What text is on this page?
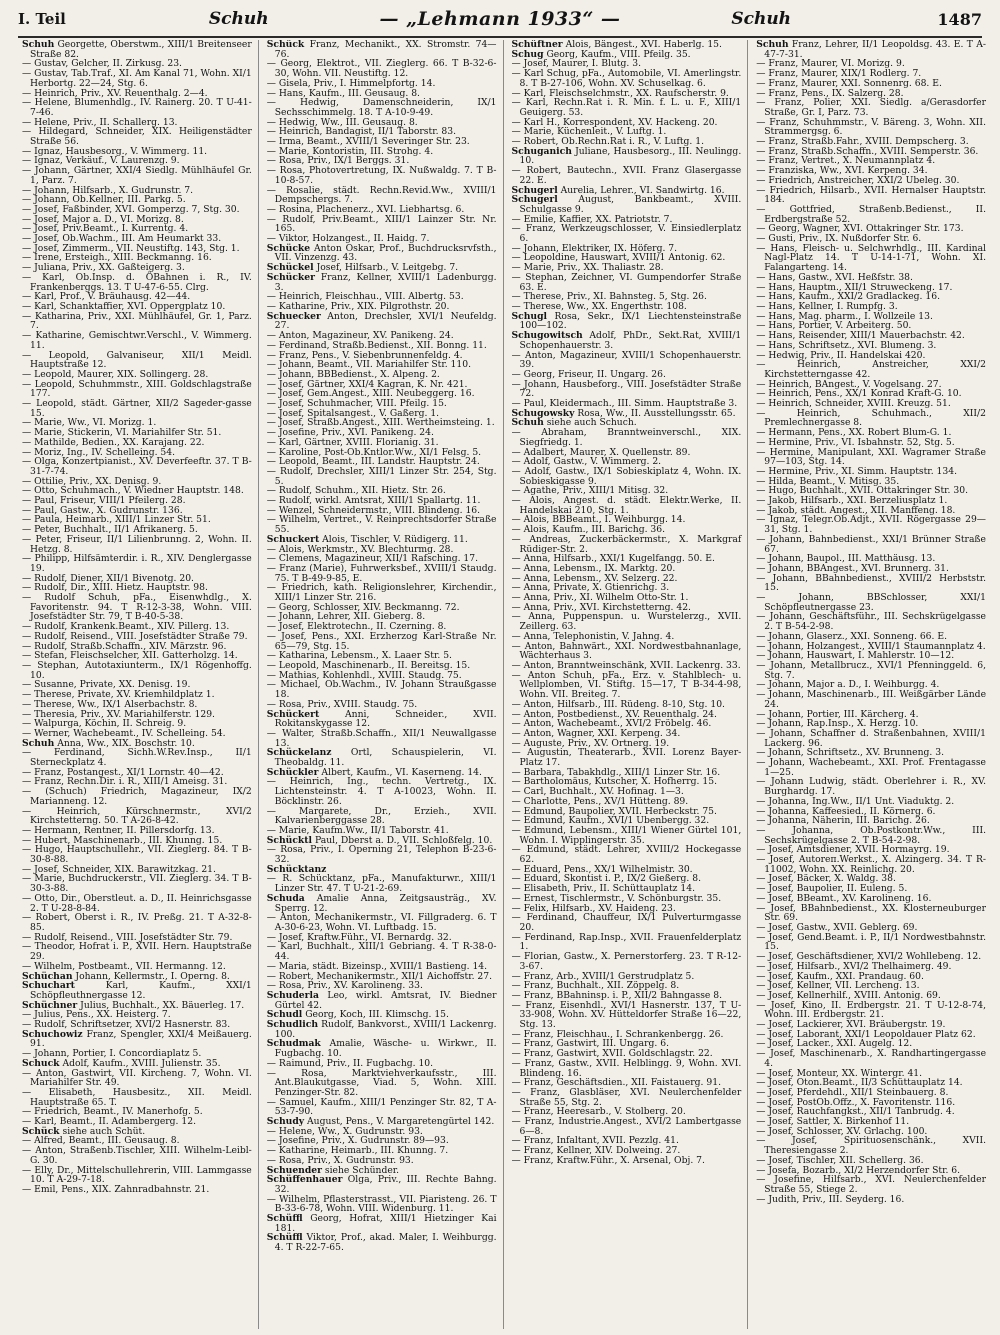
I. Teil	Schuh	— „Lehmann 1933“ —	Schuh	1487

Schuh Georgette, Oberstwm., XIII/1 Breitenseer Straße 82.

— Gustav, Gelcher, II. Zirkusg. 23.

— Gustav, Tab.Traf., XI. Am Kanal 71, Wohn. XI/1 Herbortg. 22—24, Stg. 6.

— Heinrich, Priv., XV. Reuenthalg. 2—4.

— Helene, Blumenhdlg., IV. Rainerg. 20. T U-41-7-46.

— Helene, Priv., II. Schallerg. 13.

— Hildegard, Schneider, XIX. Heiligenstädter Straße 56.

— Ignaz, Hausbesorg., V. Wimmerg. 11.

— Ignaz, Verkäuf., V. Laurenzg. 9.

— Johann, Gärtner, XXI/4 Siedlg. Mühlhäufel Gr. 1, Parz. 7.

— Johann, Hilfsarb., X. Gudrunstr. 7.

— Johann, Ob.Kellner, III. Parkg. 5.

— Josef, Faßbinder, XVI. Gomperzg. 7, Stg. 30.

— Josef, Major a. D., VI. Morizg. 8.

— Josef, Priv.Beamt., I. Kurrentg. 4.

— Josef, Ob.Wachm., III. Am Heumarkt 33.

— Josef, Zimmerm., VII. Neustiftg. 143, Stg. 1.

— Irene, Ersteigh., XIII. Beckmanng. 16.

— Juliana, Priv., XX. Gaßteigerg. 3.

— Karl, Ob.Insp. d. ÖBahnen i. R., IV. Frankenberggs. 13. T U-47-6-55. Clrg.

— Karl, Prof., V. Bräuhausg. 42—44.

— Karl, Schanktaffier, XVI. Oppergplatz 10.

— Katharina, Priv., XXI. Mühlhäufel, Gr. 1, Parz. 7.

— Katharine, Gemischtwr.Verschl., V. Wimmerg. 11.

— Leopold, Galvaniseur, XII/1 Meidl. Hauptstraße 12.

— Leopold, Maurer, XIX. Sollingerg. 28.

— Leopold, Schuhmmstr., XIII. Goldschlagstraße 177.

— Leopold, städt. Gärtner, XII/2 Sageder-gasse 15.

— Marie, Ww., VI. Morizg. 1.

— Marie, Stickerin, VI. Mariahilfer Str. 51.

— Mathilde, Bedien., XX. Karajang. 22.

— Moriz, Ing., IV. Schelleing. 54.

— Olga, Konzertpianist., XV. Deverfeeftr. 37. T B-31-7-74.

— Ottilie, Priv., XX. Denisg. 9.

— Otto, Schuhmach., V. Wiedner Hauptstr. 148.

— Paul, Friseur, VIII/1 Pfeilerg. 28.

— Paul, Gastw., X. Gudrunstr. 136.

— Paula, Heimarb., XIII/1 Linzer Str. 51.

— Peter, Buchhalt., II/1 Afrikanerg. 5.

— Peter, Friseur, II/1 Lilienbrunng. 2, Wohn. II. Hetzg. 8.

— Philipp, Hilfsämterdir. i. R., XIV. Denglergasse 19.

— Rudolf, Diener, XII/1 Bivenotg. 20.

— Rudolf, Dir., XIII. Hietz. Hauptstr. 98.

— Rudolf Schuh, pFa., Eisenwhdlg., X. Favoritenstr. 94. T R-12-3-38, Wohn. VIII. Josefstädter Str. 79, T B-40-5-38.

— Rudolf, Krankenk.Beamt., XIV. Pillerg. 13.

— Rudolf, Reisend., VIII. Josefstädter Straße 79.

— Rudolf, Straßb.Schaffn., XIV. Märzstr. 96.

— Stefan, Fleischselcher, XII. Gatterholzg. 14.

— Stephan, Autotaxiunterm., IX/1 Rögenhoffg. 10.

— Susanne, Private, XX. Denisg. 19.

— Therese, Private, XV. Kriemhildplatz 1.

— Therese, Ww., IX/1 Alserbachstr. 8.

— Theresia, Priv., XV. Mariahilferstr. 129.

— Walpurga, Köchin, II. Schreig. 9.

— Werner, Wachebeamt., IV. Schelleing. 54.

Schuh Anna, Ww., XIX. Boschstr. 10.

— Ferdinand, Sichh.W.Rev.Insp., II/1 Sterneckplatz 4.

— Franz, Postangest., XI/1 Lornstr. 40—42.

— Franz, Rechn.Dir. i. R., XIII/1 Ameisg. 31.

— (Schuch) Friedrich, Magazineur, IX/2 Marianneng. 12.

— Heinrich, Kürschnermstr., XVI/2 Kirchstetterng. 50. T A-26-8-42.

— Hermann, Rentner, II. Pillersdorfg. 13.

— Hubert, Maschinenarb., III. Khunng. 15.

— Hugo, Hauptschullehr., VII. Zieglerg. 84. T B-30-8-88.

— Josef, Schneider, XIX. Barawitzkag. 21.

— Marie, Buchdruckerstr., VII. Zieglerg. 34. T B-30-3-88.

— Otto, Dir., Oberstleut. a. D., II. Heinrichsgasse 2. T U-28-8-84.

— Robert, Oberst i. R., IV. Preßg. 21. T A-32-8-85.

— Rudolf, Reisend., VIII. Josefstädter Str. 79.

— Theodor, Hofrat i. P., XVII. Hern. Hauptstraße 29.

— Wilhelm, Postbeamt., VII. Hermanng. 12.

Schüchan Johann, Kellermstr., I. Operng. 8.

Schuchart	Karl, Kaufm., XXI/1 Schöpfleuthnergasse 12.

Schüchner Julius, Buchhalt., XX. Bäuerleg. 17.

— Julius, Pens., XX. Heisterg. 7.

— Rudolf, Schriftsetzer, XVI/2 Hasnerstr. 83.

Schuchowiz Franz, Spengler, XXI/4 Meißauerg. 91.

— Johann, Portier, I. Concordiaplatz 5.

Schuck Adolf, Kaufm., XVIII. Julienstr. 35.

— Anton, Gastwirt, VII. Kircheng. 7, Wohn. VI. Mariahilfer Str. 49.

— Elisabeth, Hausbesitz., XII. Meidl. Hauptstraße 65. T.

— Friedrich, Beamt., IV. Manerhofg. 5.

— Karl, Beamt., II. Adambergerg. 12.

Schück siehe auch Schüt.

— Alfred, Beamt., III. Geusaug. 8.

— Anton, Straßenb.Tischler, XIII. Wilhelm-Leibl-G. 30.

— Elly, Dr., Mittelschullehrerin, VIII. Lammgasse 10. T A-29-7-18.

— Emil, Pens., XIX. Zahnradbahnstr. 21.

Schück Franz, Mechanikt., XX. Stromstr. 74—76.

— Georg, Elektrot., VII. Zieglerg. 66. T B-32-6-30, Wohn. VII. Neustiftg. 12.

— Gisela, Priv., I. Himmelpfortg. 14.

— Hans, Kaufm., III. Geusaug. 8.

— Hedwig, Damenschneiderin, IX/1 Sechsschimmelg. 18. T A-10-9-49.

— Hedwig, Ww., III. Geusaug. 8.

— Heinrich, Bandagist, II/1 Taborstr. 83.

— Irma, Beamt., XVIII/1 Severinger Str. 23.

— Marie, Kontoristin, III. Strohg. 4.

— Rosa, Priv., IX/1 Berggs. 31.

— Rosa, Photovertretung, IX. Nußwaldg. 7. T B-10-8-57.

— Rosalie, städt. Rechn.Revid.Ww., XVIII/1 Dempschergs. 7.

— Rosina, Plachenerz., XVI. Liebhartsg. 6.

— Rudolf, Priv.Beamt., XIII/1 Lainzer Str. Nr. 165.

— Viktor, Holzangest., II. Haidg. 7.

Schücke Anton Oskar, Prof., Buchdrucksrvfsth., VII. Vinzenzg. 43.

Schückel Josef, Hilfsarb., V. Leitgebg. 7.

Schücker Franz, Kellner, XVIII/1 Ladenburgg. 3.

— Heinrich, Fleischhau., VIII. Albertg. 53.

— Katharine, Priv., XIX. Pilgrothstr. 20.

Schuecker Anton, Drechsler, XVI/1 Neufeldg. 27.

— Anton, Magazineur, XV. Panikeng. 24.

— Ferdinand, Straßb.Bedienst., XII. Bonng. 11.

— Franz, Pens., V. Siebenbrunnenfeldg. 4.

— Johann, Beamt., VII. Mariahilfer Str. 110.

— Johann, BBBedienst., X. Alpeng. 2.

— Josef, Gärtner, XXI/4 Kagran, K. Nr. 421.

— Josef, Gem.Angest., XIII. Neubeggerg. 16.

— Josef, Schuhmacher, VIII. Pfeilg. 15.

— Josef, Spitalsangest., V. Gaßerg. 1.

— Josef, Straßb.Angest., XIII. Wertheimsteing. 1.

— Josefine, Priv., XVI. Panikeng. 24.

— Karl, Gärtner, XVIII. Florianig. 31.

— Karoline, Post-Ob.Kntlor.Ww., XI/1 Felsg. 5.

— Leopold, Beamt., III. Landstr. Hauptstr. 24.

— Rudolf, Drechsler, XIII/1 Linzer Str. 254, Stg. 5.

— Rudolf, Schuhm., XII. Hietz. Str. 26.

— Rudolf, wirkl. Amtsrat, XIII/1 Spallartg. 11.

— Wenzel, Schneidermstr., VIII. Blindeng. 16.

— Wilhelm, Vertret., V. Reinprechtsdorfer Straße 55.

Schuckert Alois, Tischler, V. Rüdigerg. 11.

— Alois, Werkmstr., XV. Blechturmg. 28.

— Clemens, Magazineur, XII/1 Rafsching. 17.

— Franz (Marie), Fuhrwerksbef., XVIII/1 Staudg. 75. T B-49-9-85, E.

— Friedrich, kath. Religionslehrer, Kirchendir., XIII/1 Linzer Str. 216.

— Georg, Schlosser, XIV. Beckmanng. 72.

— Johann, Lehrer, XII. Gieberg. 8.

— Josef, Elektrotechn., II. Czerning. 8.

— Josef, Pens., XXI. Erzherzog Karl-Straße Nr. 65—79, Stg. 15.

— Katharina, Lebensm., X. Laaer Str. 5.

— Leopold, Maschinenarb., II. Bereitsg. 15.

— Mathias, Kohlenhdl., XVIII. Staudg. 75.

— Michael, Ob.Wachm., IV. Johann Straußgasse 18.

— Rosa, Priv., XVIII. Staudg. 75.

Schückert	Anni, Schneider., XVII. Rokitanskygasse 12.

— Walter, Straßb.Schaffn., XII/1 Neuwallgasse 13.

Schückelanz Ortl, Schauspielerin, VI. Theobaldg. 11.

Schückler Albert, Kaufm., VI. Kaserneng. 14.

— Heinrich, Ing., techn. Vertretg., IX. Lichtensteinstr. 4. T A-10023, Wohn. II. Böcklinstr. 26.

— Margarete, Dr., Erzieh., XVII. Kalvarienberggasse 28.

— Marie, Kaufm.Ww., II/1 Taborstr. 41.

Schücktl Paul, Dberst a. D., VII. Schloßfelg. 10.

— Rosa, Priv., I. Operning 21, Telephon B-23-6-32.

Schücktanz

— R. Schücktanz, pFa., Manufakturwr., XIII/1 Linzer Str. 47. T U-21-2-69.

Schuda Amalie Anna, Zeitgsausträg., XV. Sperrg. 12.

— Anton, Mechanikermstr., VI. Fillgraderg. 6. T A-30-6-23, Wohn. VI. Luftbadg. 15.

— Josef, Kraftw.Führ., VI. Bernardg. 32.

— Karl, Buchhalt., XIII/1 Gebriang. 4. T R-38-0-44.

— Maria, städt. Bizeinsp., XVIII/1 Bastieng. 14.

— Robert, Mechanikermstr., XII/1 Aichoffstr. 27.

— Rosa, Priv., XV. Karolineng. 33.

Schuderla Leo, wirkl. Amtsrat, IV. Biedner Gürtel 42.

Schudl Georg, Koch, III. Klimschg. 15.

Schudlich Rudolf, Bankvorst., XVIII/1 Lackenrg. 100.

Schudmak Amalie, Wäsche- u. Wirkwr., II. Fugbachg. 10.

— Raimund, Priv., II. Fugbachg. 10.

— Rosa, Marktviehverkaufsstr., III. Ant.Blaukutgasse, Viad. 5, Wohn. XIII. Penzinger-Str. 82.

— Samuel, Kaufm., XIII/1 Penzinger Str. 82, T A-53-7-90.

Schudy August, Pens., V. Margaretengürtel 142.

— Helene, Ww., X. Gudrunstr. 93.

— Josefine, Priv., X. Gudrunstr. 89—93.

— Katharine, Heimarb., III. Khunng. 7.

— Rosa, Priv., X. Gudrunstr. 93.

Schuender siehe Schünder.

Schüffenhauer Olga, Priv., III. Rechte Bahng. 32.

— Wilhelm, Pflasterstrasst., VII. Piaristeng. 26. T B-33-6-78, Wohn. VIII. Widenburg. 11.

Schüffl Georg, Hofrat, XIII/1 Hietzinger Kai 181.

Schüffl Viktor, Prof., akad. Maler, I. Weihburgg. 4. T R-22-7-65.

Schüftner Alois, Bängest., XVI. Haberlg. 15.

Schug Georg, Kaufm., VIII. Pfeilg. 35.

— Josef, Maurer, I. Blutg. 3.

— Karl Schug, pFa., Automobile, VI. Amerlingstr. 8. T B-27-106, Wohn. XV. Schuselkag. 6.

— Karl, Fleischselchmstr., XX. Raufscherstr. 9.

— Karl, Rechn.Rat i. R. Min. f. L. u. F., XIII/1 Geuigerg. 53.

— Karl H., Korrespondent, XV. Hackeng. 20.

— Marie, Küchenleit., V. Luftg. 1.

— Robert, Ob.Rechn.Rat i. R., V. Luftg. 1.

Schuganich Juliane, Hausbesorg., III. Neulingg. 10.

— Robert, Bautechn., XVII. Franz Glasergasse 22. E.

Schugerl Aurelia, Lehrer., VI. Sandwirtg. 16.

Schugerl August, Bankbeamt., XVIII. Schulgasse 9.

— Emilie, Kaffier, XX. Patriotstr. 7.

— Franz, Werkzeugschlosser, V. Einsiedlerplatz 6.

— Johann, Elektriker, IX. Höferg. 7.

— Leopoldine, Hauswart, XVIII/1 Antonig. 62.

— Marie, Priv., XX. Thaliastr. 28.

— Stephan, Zeichner, VI. Gumpendorfer Straße 63. E.

— Therese, Priv., XI. Bahnsteg. 5, Stg. 26.

— Therese, Ww., XX. Engerthstr. 108.

Schugl Rosa, Sekr., IX/1 Liechtensteinstraße 100—102.

Schugowitsch Adolf, PhDr., Sekt.Rat, XVIII/1 Schopenhauerstr. 3.

— Anton, Magazineur, XVIII/1 Schopenhauerstr. 39.

— Georg, Friseur, II. Ungarg. 26.

— Johann, Hausbeforg., VIII. Josefstädter Straße 72.

— Paul, Kleidermach., III. Simm. Hauptstraße 3.

Schugowsky Rosa, Ww., II. Ausstellungsstr. 65.

Schuh siehe auch Schuch.

— Abraham, Branntweinverschl., XIX. Siegfriedg. 1.

— Adalbert, Maurer, X. Quellenstr. 89.

— Adolf, Gastw., V. Wimmerg. 2.

— Adolf, Gastw., IX/1 Sobieskiplatz 4, Wohn. IX. Sobieskigasse 9.

— Agathe, Priv., XIII/1 Mitisg. 32.

— Alois, Angest. d. städt. Elektr.Werke, II. Handelskai 210, Stg. 1.

— Alois, BBBeamt., I. Weihburgg. 14.

— Alois, Kaufm., III. Barichg. 36.

— Andreas, Zuckerbäckermstr., X. Markgraf Rüdiger-Str. 2.

— Anna, Hilfsarb., XXI/1 Kugelfangg. 50. E.

— Anna, Lebensm., IX. Marktg. 20.

— Anna, Lebensm., XV. Selzerg. 22.

— Anna, Private, X. Gtienrichg. 3.

— Anna, Priv., XI. Wilhelm Otto-Str. 1.

— Anna, Priv., XVI. Kirchstetterng. 42.

— Anna, Puppenspun. u. Wurstelerzg., XVII. Zeillerg. 63.

— Anna, Telephonistin, V. Jahng. 4.

— Anton, Bahnwärt., XXI. Nordwestbahnanlage, Wächterhaus 3.

— Anton, Branntweinschänk, XVII. Lackenrg. 33.

— Anton Schuh, pFa., Erz. v. Stahlblech- u. Wellplomben, VI. Stiftg. 15—17, T B-34-4-98, Wohn. VII. Breiteg. 7.

— Anton, Hilfsarb., III. Rüdeng. 8-10, Stg. 10.

— Anton, Postbedienst., XV. Reuenthalg. 24.

— Anton, Wachebeamt., XVI/2 Fröbelg. 46.

— Anton, Wagner, XXI. Kerpeng. 34.

— Auguste, Priv., XV. Ortnerg. 19.

— Augustin, Theaterarb., XVII. Lorenz Bayer-Platz 17.

— Barbara, Tabakhdlg., XIII/1 Linzer Str. 16.

— Bartholomäus, Kutscher, X. Hofherrg. 15.

— Carl, Buchhalt., XV. Hofinag. 1—3.

— Charlotte, Pens., XV/1 Hütteng. 89.

— Edmund, Baupolier, XVII. Herbeckstr. 75.

— Edmund, Kaufm., XVI/1 Ubenbergg. 32.

— Edmund, Lebensm., XIII/1 Wiener Gürtel 101, Wohn. I. Wipplingerstr. 35.

— Edmund, städt. Lehrer, XVIII/2 Hockegasse 62.

— Eduard, Pens., XX/1 Wilhelmistr. 30.

— Eduard, Skontist i. P., IX/2 Gießerg. 8.

— Elisabeth, Priv., II. Schüttauplatz 14.

— Ernest, Tischlermstr., V. Schönburgstr. 35.

— Felix, Hilfsarb., XV. Haideng. 23.

— Ferdinand, Chauffeur, IX/1 Pulverturmgasse 20.

— Ferdinand, Rap.Insp., XVII. Frauenfelderplatz 1.

— Florian, Gastw., X. Pernerstorferg. 23. T R-12-3-67.

— Franz, Arb., XVIII/1 Gerstrudplatz 5.

— Franz, Buchhalt., XII. Zöppelg. 8.

— Franz, BBahninsp. i. P., XII/2 Bahngasse 8.

— Franz, Eisenhdl., XVI/1 Hasnerstr. 137, T U-33-908, Wohn. XV. Hütteldorfer Straße 16—22, Stg. 13.

— Franz, Fleischhau., I. Schrankenbergg. 26.

— Franz, Gastwirt, III. Ungarg. 6.

— Franz, Gastwirt, XVII. Goldschlagstr. 22.

— Franz, Gastw., XVII. Helblingg. 9, Wohn. XVI. Blindeng. 16.

— Franz, Geschäftsdien., XII. Faistauerg. 91.

— Franz, Glasbläser, XVI. Neulerchenfelder Straße 55, Stg. 2.

— Franz, Heeresarb., V. Stolberg. 20.

— Franz, Industrie.Angest., XVI/2 Lambertgasse 6—8.

— Franz, Infaltant, XVII. Pezzlg. 41.

— Franz, Kellner, XIV. Dolweing. 27.

— Franz, Kraftw.Führ., X. Arsenal, Obj. 7.

Schuh Franz, Lehrer, II/1 Leopoldsg. 43. E. T A-47-7-31.

— Franz, Maurer, VI. Morizg. 9.

— Franz, Maurer, XIX/1 Rodlerg. 7.

— Franz, Maurer, XXI. Sonnenrg. 68. E.

— Franz, Pens., IX. Salzerg. 28.

— Franz, Polier, XXI. Siedlg. a/Gerasdorfer Straße, Gr. I, Parz. 73.

— Franz, Schuhmmstr., V. Bäreng. 3, Wohn. XII. Strammergsg. 6.

— Franz, Straßb.Fahr., XVIII. Dempscherg. 3.

— Franz, Straßb.Schaffn., XVIII. Semperstr. 36.

— Franz, Vertret., X. Neumannplatz 4.

— Franziska, Ww., XVI. Kerpeng. 34.

— Friedrich, Anstreicher, XXI/2 Ubeleg. 30.

— Friedrich, Hilsarb., XVII. Hernalser Hauptstr. 184.

— Gottfried, Straßenb.Bedienst., II. Erdbergstraße 52.

— Georg, Wagner, XVI. Ottakringer Str. 173.

— Gusti, Priv., IX. Nußdorfer Str. 6.

— Hans, Fleisch- u. Selchwrhdlg., III. Kardinal Nagl-Platz 14. T U-14-1-71, Wohn. XI. Falangarteng. 14.

— Hans, Gastw., XVI. Heßfstr. 38.

— Hans, Hauptm., XII/1 Struweckeng. 17.

— Hans, Kaufm., XXI/2 Gradlackeg. 16.

— Hans, Kellner, I. Rumpfg. 3.

— Hans, Mag. pharm., I. Wollzeile 13.

— Hans, Portier, V. Arbeiterg. 50.

— Hans, Reisender, XIII/1 Mauerbachstr. 42.

— Hans, Schriftsetz., XVI. Blumeng. 3.

— Hedwig, Priv., II. Handelskai 420.

— Heinrich, Anstreicher, XXI/2 Kirchstetterngasse 42.

— Heinrich, BAngest., V. Vogelsang. 27.

— Heinrich, Pens., XX/1 Konrad Kraft-G. 10.

— Heinrich, Schneider, XVIII. Kreuzg. 51.

— Heinrich, Schuhmach., XII/2 Premlechnergasse 8.

— Hermann, Pens., XX. Robert Blum-G. 1.

— Hermine, Priv., VI. Isbahnstr. 52, Stg. 5.

— Hermine, Manipulant, XXI. Wagramer Straße 97—103, Stg. 14.

— Hermine, Priv., XI. Simm. Hauptstr. 134.

— Hilda, Beamt., V. Mitisg. 35.

— Hugo, Buchhalt., XVII. Ottakringer Str. 30.

— Jakob, Hilfsarb., XXI. Berzeliusplatz 1.

— Jakob, städt. Angest., XII. Manffeng. 18.

— Ignaz, Telegr.Ob.Adjt., XVII. Rögergasse 29—31, Stg. 1.

— Johann, Bahnbedienst., XXI/1 Brünner Straße 67.

— Johann, Baupol., III. Matthäusg. 13.

— Johann, BBAngest., XVI. Brunnerg. 31.

— Johann, BBahnbedienst., XVIII/2 Herbststr. 15.

— Johann, BBSchlosser, XXI/1 Schöpfleutnergasse 23.

— Johann, Geschäftsführ., III. Sechskrügelgasse 2. T B-54-2-98.

— Johann, Glaserz., XXI. Sonneng. 66. E.

— Johann, Holzangest., XVIII/1 Staumannplatz 4.

— Johann, Hauswart, I. Mahlerstr. 10—12.

— Johann, Metallbrucz., XVI/1 Pfenninggeld. 6, Stg. 7.

— Johann, Major a. D., I. Weihburgg. 4.

— Johann, Maschinenarb., III. Weißgärber Lände 24.

— Johann, Portier, III. Kärcherg. 4.

— Johann, Rap.Insp., X. Herzg. 10.

— Johann, Schaffner d. Straßenbahnen, XVIII/1 Lackerg. 96.

— Johann, Schriftsetz., XV. Brunneng. 3.

— Johann, Wachebeamt., XXI. Prof. Frentagasse 1—25.

— Johann Ludwig, städt. Oberlehrer i. R., XV. Burghardg. 17.

— Johanna, Ing.Ww., II/1 Unt. Viaduktg. 2.

— Johanna, Kaffeesied., II. Körnerg. 6.

— Johanna, Näherin, III. Barichg. 26.

— Johanna, Ob.Postkontr.Ww., III. Sechskrügelgasse 2. T B-54-2-98.

— Josef, Amtsdiener, XVII. Hormayrg. 19.

— Josef, Autoreп.Werkst., X. Alzingerg. 34. T R-11002, Wohn. XX. Reinlichg. 20.

— Josef, Bäcker, X. Waldg. 38.

— Josef, Baupolier, II. Euleng. 5.

— Josef, BBeamt., XV. Karolineng. 16.

— Josef, BBahnbedienst., XX. Klosterneuburger Str. 69.

— Josef, Gastw., XVII. Geblerg. 69.

— Josef, Gend.Beamt. i. P., II/1 Nordwestbahnstr. 15.

— Josef, Geschäftsdiener, XVI/2 Wohllebeng. 12.

— Josef, Hilfsarb., XVI/2 Thelhaimerg. 49.

— Josef, Kaufm., XXI. Prandaug. 60.

— Josef, Kellner, VII. Lercheng. 13.

— Josef, Kellnerhilf., XVIII. Antonig. 69.

— Josef, Kino, II. Erdbergstr. 21. T U-12-8-74, Wohn. III. Erdbergstr. 21.

— Josef, Lackierer, XVI. Bräubergstr. 19.

— Josef, Laborant, XXI/1 Leopoldauer Platz 62.

— Josef, Lacker., XXI. Augelg. 12.

— Josef, Maschinenarb., X. Randhartingergasse 4.

— Josef, Monteur, XX. Wintergr. 41.

— Josef, Oton.Beamt., II/3 Schüttauplatz 14.

— Josef, Pferdehdl., XII/1 Steinbauerg. 8.

— Josef, PostOb.Offz., X. Favoritenstr. 116.

— Josef, Rauchfangkst., XII/1 Tanbrudg. 4.

— Josef, Sattler, X. Birkenhof 11.

— Josef, Schlosser, XV. Grlachg. 100.

— Josef, Spirituosenschänk., XVII. Theresiengasse 2.

— Josef, Tischler, XII. Schellerg. 36.

— Josefa, Bozarb., XI/2 Herzendorfer Str. 6.

— Josefine, Hilfsarb., XVI. Neulerchenfelder Straße 55, Stiege 2.

— Judith, Priv., III. Seyderg. 16.
